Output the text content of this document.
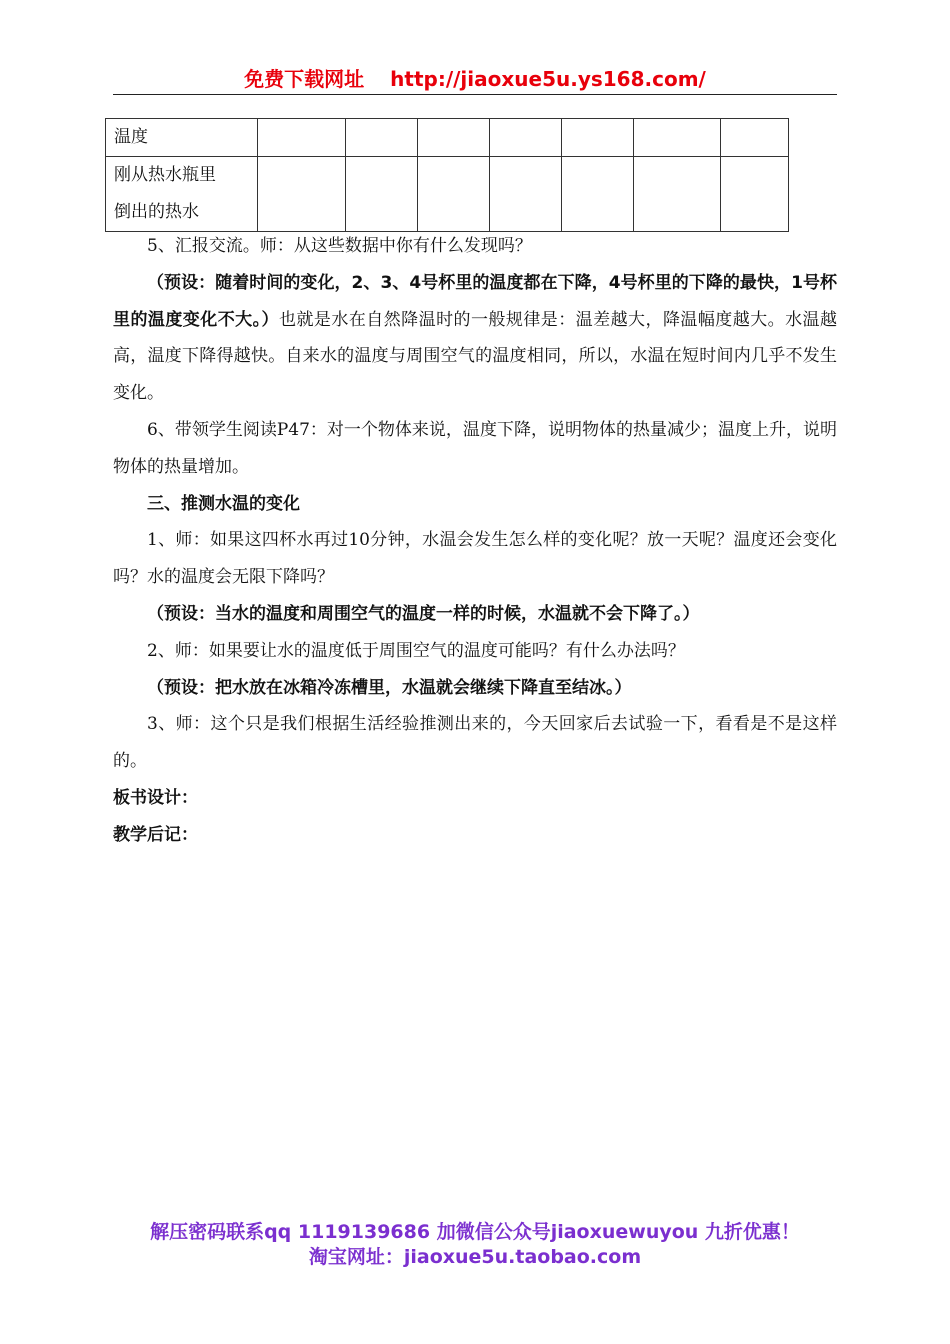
免费下载网址 http://jiaoxue5u.ys168.com/
温度							

刚从热水瓶里
倒出的热水							

5、汇报交流。师：从这些数据中你有什么发现吗？

（预设：随着时间的变化，2、3、4号杯里的温度都在下降，4号杯里的下降的最快，1号杯里的温度变化不大。）也就是水在自然降温时的一般规律是：温差越大，降温幅度越大。水温越高，温度下降得越快。自来水的温度与周围空气的温度相同，所以，水温在短时间内几乎不发生变化。

6、带领学生阅读P47：对一个物体来说，温度下降，说明物体的热量减少；温度上升，说明物体的热量增加。

三、推测水温的变化

1、师：如果这四杯水再过10分钟，水温会发生怎么样的变化呢？放一天呢？温度还会变化吗？水的温度会无限下降吗？

（预设：当水的温度和周围空气的温度一样的时候，水温就不会下降了。）

2、师：如果要让水的温度低于周围空气的温度可能吗？有什么办法吗？

（预设：把水放在冰箱冷冻槽里，水温就会继续下降直至结冰。）

3、师：这个只是我们根据生活经验推测出来的，今天回家后去试验一下，看看是不是这样的。

板书设计：

教学后记：

解压密码联系qq 1119139686 加微信公众号jiaoxuewuyou 九折优惠！
淘宝网址：jiaoxue5u.taobao.com
